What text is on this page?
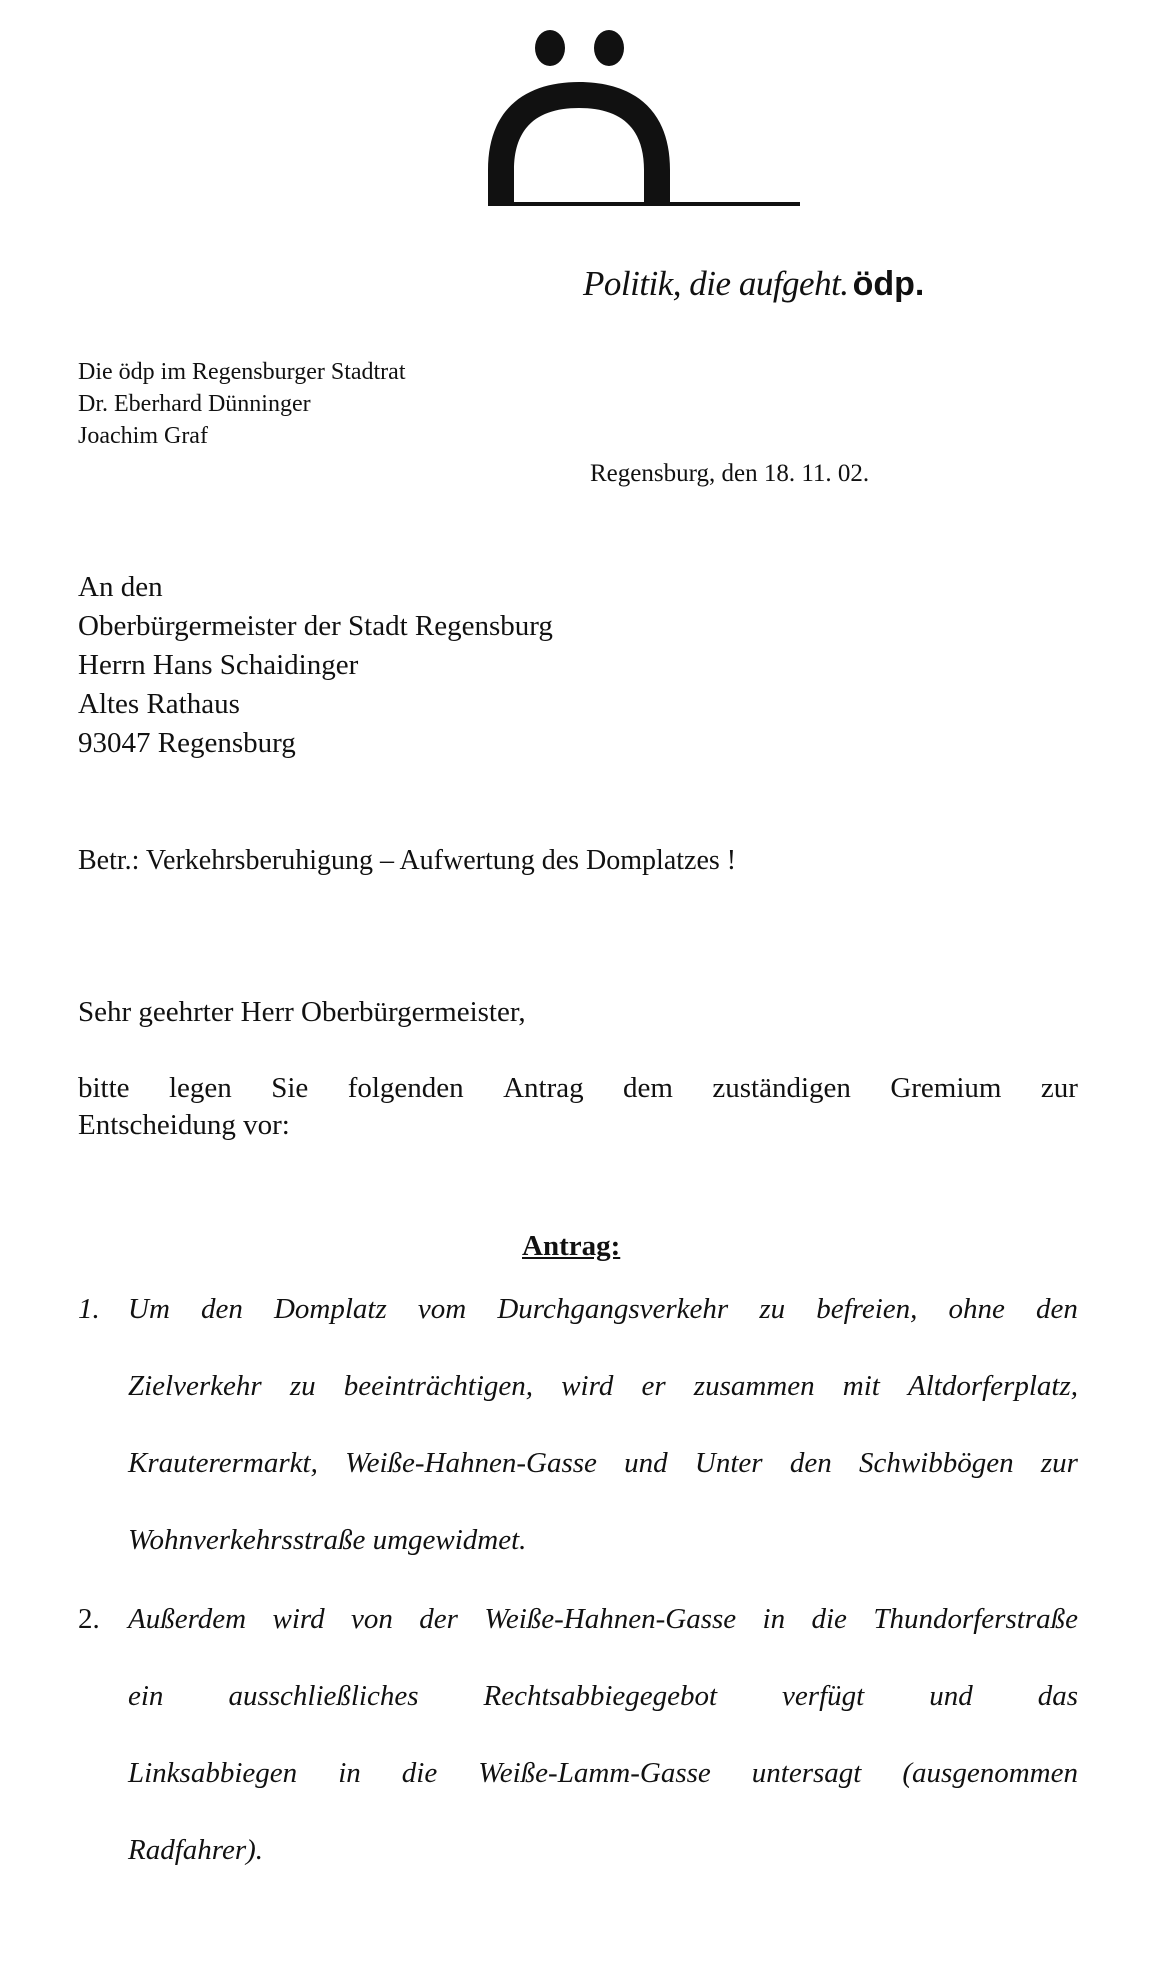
Politik, die aufgeht. ödp.
Die ödp im Regensburger Stadtrat
Dr. Eberhard Dünninger
Joachim Graf
Regensburg, den 18. 11. 02.
An den
Oberbürgermeister der Stadt Regensburg
Herrn Hans Schaidinger
Altes Rathaus
93047 Regensburg
Betr.: Verkehrsberuhigung – Aufwertung des Domplatzes !
Sehr geehrter Herr Oberbürgermeister,
bitte legen Sie folgenden Antrag dem zuständigen Gremium zur
Entscheidung vor:
Antrag:
1. Um den Domplatz vom Durchgangsverkehr zu befreien, ohne den
Zielverkehr zu beeinträchtigen, wird er zusammen mit Altdorferplatz,
Krauterermarkt, Weiße-Hahnen-Gasse und Unter den Schwibbögen zur
Wohnverkehrsstraße umgewidmet.
2. Außerdem wird von der Weiße-Hahnen-Gasse in die Thundorferstraße
ein ausschließliches Rechtsabbiegegebot verfügt und das
Linksabbiegen in die Weiße-Lamm-Gasse untersagt (ausgenommen
Radfahrer).
